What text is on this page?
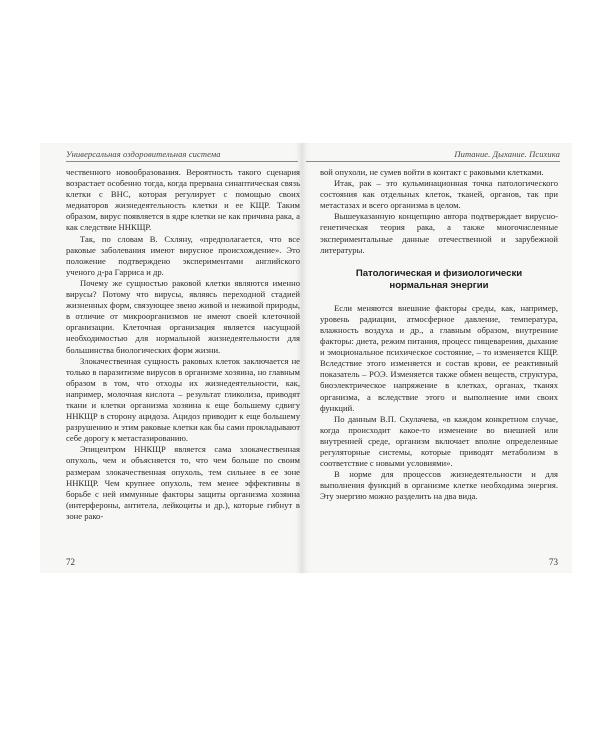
Универсальная оздоровительная система

чественного новообразования. Вероятность такого сценария возрастает особенно тогда, когда прервана синаптическая связь клетки с ВНС, которая регулирует с помощью своих медиаторов жизнедеятельность клетки и ее КЩР. Таким образом, вирус появляется в ядре клетки не как причина рака, а как следствие ННКЩР.

Так, по словам В. Схляну, «предполагается, что все раковые заболевания имеют вирусное происхождение». Это положение подтверждено экспериментами английского ученого д-ра Гарриса и др.

Почему же сущностью раковой клетки являются именно вирусы? Потому что вирусы, являясь переходной стадией жизненных форм, связующее звено живой и неживой природы, в отличие от микроорганизмов не имеют своей клеточной организации. Клеточная организация является насущной необходимостью для нормальной жизнедеятельности для большинства биологических форм жизни.

Злокачественная сущность раковых клеток заключается не только в паразитизме вирусов в организме хозяина, но главным образом в том, что отходы их жизнедеятельности, как, например, молочная кислота – результат гликолиза, приводят ткани и клетки организма хозяина к еще большему сдвигу ННКЩР в сторону ацидоза. Ацидоз приводит к еще большему разрушению и этим раковые клетки как бы сами прокладывают себе дорогу к метастазированию.

Эпицентром ННКЩР является сама злокачественная опухоль, чем и объясняется то, что чем больше по своим размерам злокачественная опухоль, тем сильнее в ее зоне ННКЩР. Чем крупнее опухоль, тем менее эффективны в борьбе с ней иммунные факторы защиты организма хозяина (интерфероны, антитела, лейкоциты и др.), которые гибнут в зоне рако-

72
Питание. Дыхание. Психика

вой опухоли, не сумев войти в контакт с раковыми клетками.

Итак, рак – это кульминационная точка патологического состояния как отдельных клеток, тканей, органов, так при метастазах и всего организма в целом.

Вышеуказанную концепцию автора подтверждает вирусно-генетическая теория рака, а также многочисленные экспериментальные данные отечественной и зарубежной литературы.

Патологическая и физиологически
нормальная энергии

Если меняются внешние факторы среды, как, например, уровень радиации, атмосферное давление, температура, влажность воздуха и др., а главным образом, внутренние факторы: диета, режим питания, процесс пищеварения, дыхание и эмоциональное психическое состояние, – то изменяется КЩР. Вследствие этого изменяется и состав крови, ее реактивный показатель – РОЭ. Изменяется также обмен веществ, структура, биоэлектрическое напряжение в клетках, органах, тканях организма, а вследствие этого и выполнение ими своих функций.

По данным В.П. Скулачева, «в каждом конкретном случае, когда происходит какое-то изменение во внешней или внутренней среде, организм включает вполне определенные регуляторные системы, которые приводят метаболизм в соответствие с новыми условиями».

В норме для процессов жизнедеятельности и для выполнения функций в организме клетке необходима энергия. Эту энергию можно разделить на два вида.

73
